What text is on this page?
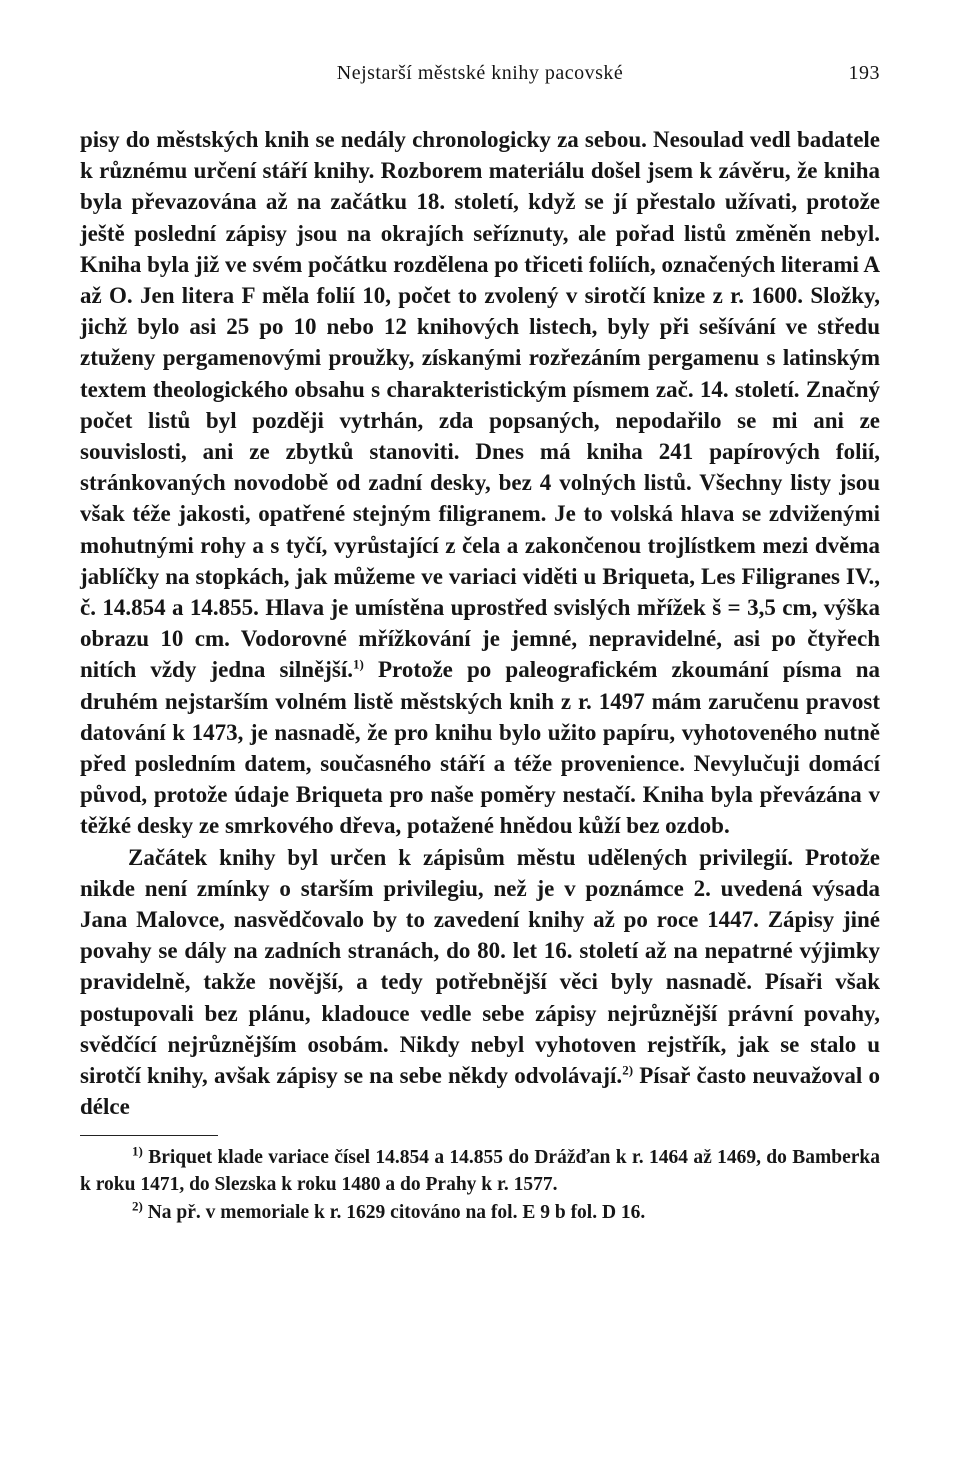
Nejstarší městské knihy pacovské	193

pisy do městských knih se nedály chronologicky za sebou. Nesoulad vedl badatele k různému určení stáří knihy. Rozborem materiálu došel jsem k závěru, že kniha byla převazována až na začátku 18. století, když se jí přestalo užívati, protože ještě poslední zápisy jsou na okrajích seříznuty, ale pořad listů změněn nebyl. Kniha byla již ve svém počátku rozdělena po třiceti foliích, označených literami A až O. Jen litera F měla folií 10, počet to zvolený v sirotčí knize z r. 1600. Složky, jichž bylo asi 25 po 10 nebo 12 knihových listech, byly při sešívání ve středu ztuženy pergamenovými proužky, získanými rozřezáním pergamenu s latinským textem theologického obsahu s charakteristickým písmem zač. 14. století. Značný počet listů byl později vytrhán, zda popsaných, nepodařilo se mi ani ze souvislosti, ani ze zbytků stanoviti. Dnes má kniha 241 papírových folií, stránkovaných novodobě od zadní desky, bez 4 volných listů. Všechny listy jsou však téže jakosti, opatřené stejným filigranem. Je to volská hlava se zdviženými mohutnými rohy a s tyčí, vyrůstající z čela a zakončenou trojlístkem mezi dvěma jablíčky na stopkách, jak můžeme ve variaci viděti u Briqueta, Les Filigranes IV., č. 14.854 a 14.855. Hlava je umístěna uprostřed svislých mřížek š = 3,5 cm, výška obrazu 10 cm. Vodorovné mřížkování je jemné, nepravidelné, asi po čtyřech nitích vždy jedna silnější.$^{1)}$ Protože po paleografickém zkoumání písma na druhém nejstarším volném listě městských knih z r. 1497 mám zaručenu pravost datování k 1473, je nasnadě, že pro knihu bylo užito papíru, vyhotoveného nutně před posledním datem, současného stáří a téže provenience. Nevylučuji domácí původ, protože údaje Briqueta pro naše poměry nestačí. Kniha byla převázána v těžké desky ze smrkového dřeva, potažené hnědou kůží bez ozdob.

Začátek knihy byl určen k zápisům městu udělených privilegií. Protože nikde není zmínky o starším privilegiu, než je v poznámce 2. uvedená výsada Jana Malovce, nasvědčovalo by to zavedení knihy až po roce 1447. Zápisy jiné povahy se dály na zadních stranách, do 80. let 16. století až na nepatrné výjimky pravidelně, takže novější, a tedy potřebnější věci byly nasnadě. Písaři však postupovali bez plánu, kladouce vedle sebe zápisy nejrůznější právní povahy, svědčící nejrůznějším osobám. Nikdy nebyl vyhotoven rejstřík, jak se stalo u sirotčí knihy, avšak zápisy se na sebe někdy odvolávají.$^{2)}$ Písař často neuvažoval o délce

$^{1)}$ Briquet klade variace čísel 14.854 a 14.855 do Drážďan k r. 1464 až 1469, do Bamberka k roku 1471, do Slezska k roku 1480 a do Prahy k r. 1577.

$^{2)}$ Na př. v memoriale k r. 1629 citováno na fol. E 9 b fol. D 16.
